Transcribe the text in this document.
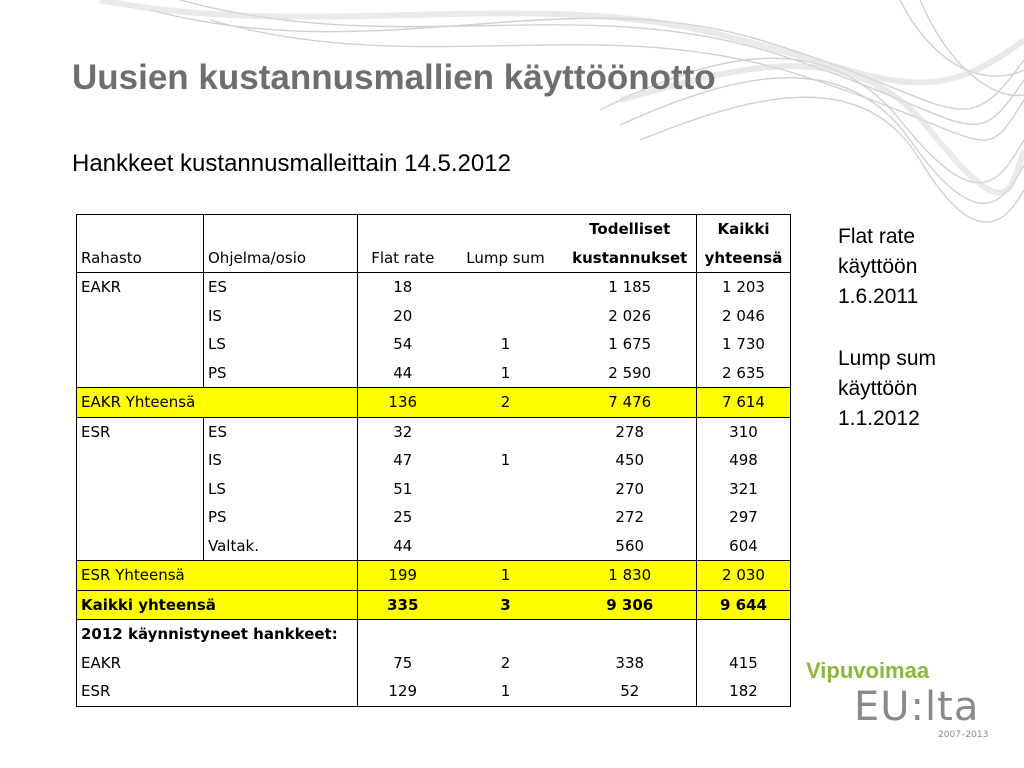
Uusien kustannusmallien käyttöönotto
Hankkeet kustannusmalleittain 14.5.2012
				Todelliset	Kaikki
Rahasto	Ohjelma/osio	Flat rate	Lump sum	kustannukset	yhteensä
EAKR	ES	18		1 185	1 203
	IS	20		2 026	2 046
	LS	54	1	1 675	1 730
	PS	44	1	2 590	2 635
EAKR Yhteensä		136	2	7 476	7 614
ESR	ES	32		278	310
	IS	47	1	450	498
	LS	51		270	321
	PS	25		272	297
	Valtak.	44		560	604
ESR Yhteensä		199	1	1 830	2 030
Kaikki yhteensä		335	3	9 306	9 644
2012 käynnistyneet hankkeet:					
EAKR		75	2	338	415
ESR		129	1	52	182
Flat rate
käyttöön
1.6.2011
Lump sum
käyttöön
1.1.2012
Vipuvoimaa
EU:lta
2007–2013
